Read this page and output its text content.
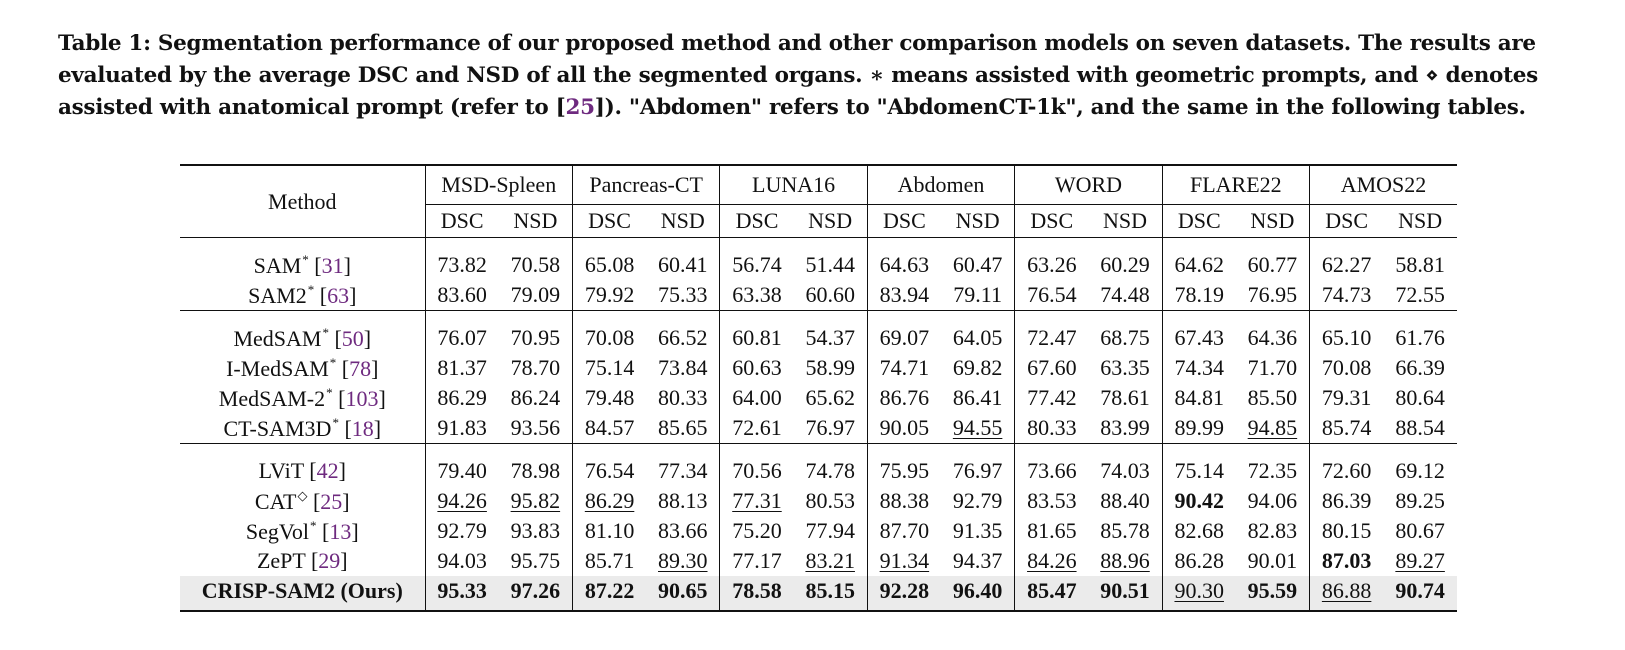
Table 1: Segmentation performance of our proposed method and other comparison models on seven datasets. The results are evaluated by the average DSC and NSD of all the segmented organs. ∗ means assisted with geometric prompts, and ⋄ denotes assisted with anatomical prompt (refer to [25]). "Abdomen" refers to "AbdomenCT-1k", and the same in the following tables.
Method	MSD-Spleen		Pancreas-CT		LUNA16		Abdomen		WORD		FLARE22		AMOS22	
	DSC	NSD	DSC	NSD	DSC	NSD	DSC	NSD	DSC	NSD	DSC	NSD	DSC	NSD
SAM* [31]	73.82	70.58	65.08	60.41	56.74	51.44	64.63	60.47	63.26	60.29	64.62	60.77	62.27	58.81
SAM2* [63]	83.60	79.09	79.92	75.33	63.38	60.60	83.94	79.11	76.54	74.48	78.19	76.95	74.73	72.55
MedSAM* [50]	76.07	70.95	70.08	66.52	60.81	54.37	69.07	64.05	72.47	68.75	67.43	64.36	65.10	61.76
I-MedSAM* [78]	81.37	78.70	75.14	73.84	60.63	58.99	74.71	69.82	67.60	63.35	74.34	71.70	70.08	66.39
MedSAM-2* [103]	86.29	86.24	79.48	80.33	64.00	65.62	86.76	86.41	77.42	78.61	84.81	85.50	79.31	80.64
CT-SAM3D* [18]	91.83	93.56	84.57	85.65	72.61	76.97	90.05	94.55	80.33	83.99	89.99	94.85	85.74	88.54
LViT [42]	79.40	78.98	76.54	77.34	70.56	74.78	75.95	76.97	73.66	74.03	75.14	72.35	72.60	69.12
CAT◇ [25]	94.26	95.82	86.29	88.13	77.31	80.53	88.38	92.79	83.53	88.40	90.42	94.06	86.39	89.25
SegVol* [13]	92.79	93.83	81.10	83.66	75.20	77.94	87.70	91.35	81.65	85.78	82.68	82.83	80.15	80.67
ZePT [29]	94.03	95.75	85.71	89.30	77.17	83.21	91.34	94.37	84.26	88.96	86.28	90.01	87.03	89.27
CRISP-SAM2 (Ours)	95.33	97.26	87.22	90.65	78.58	85.15	92.28	96.40	85.47	90.51	90.30	95.59	86.88	90.74
